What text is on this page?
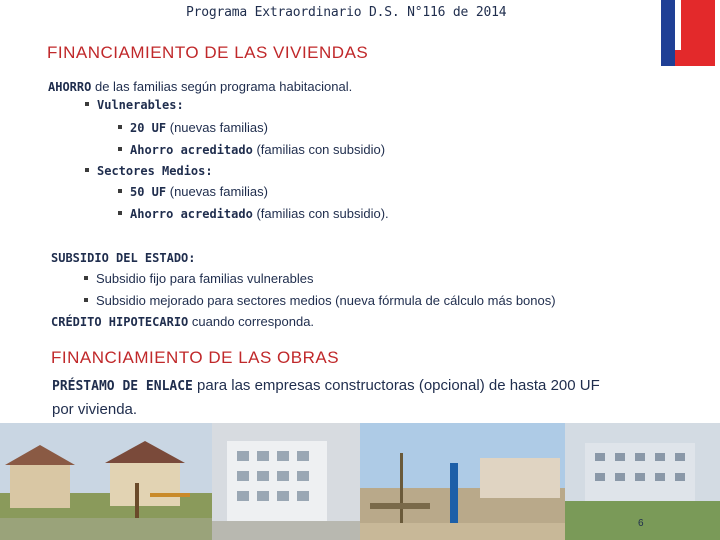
Programa Extraordinario D.S. N°116 de 2014
FINANCIAMIENTO DE LAS VIVIENDAS
AHORRO de las familias según programa habitacional.
Vulnerables:
20 UF (nuevas familias)
Ahorro acreditado (familias con subsidio)
Sectores Medios:
50 UF (nuevas familias)
Ahorro acreditado (familias con subsidio).
SUBSIDIO DEL ESTADO:
Subsidio fijo para familias vulnerables
Subsidio mejorado para sectores medios (nueva fórmula de cálculo más bonos)
CRÉDITO HIPOTECARIO cuando corresponda.
FINANCIAMIENTO DE LAS OBRAS
PRÉSTAMO DE ENLACE para las empresas constructoras (opcional) de hasta 200 UF
por vivienda.
6
